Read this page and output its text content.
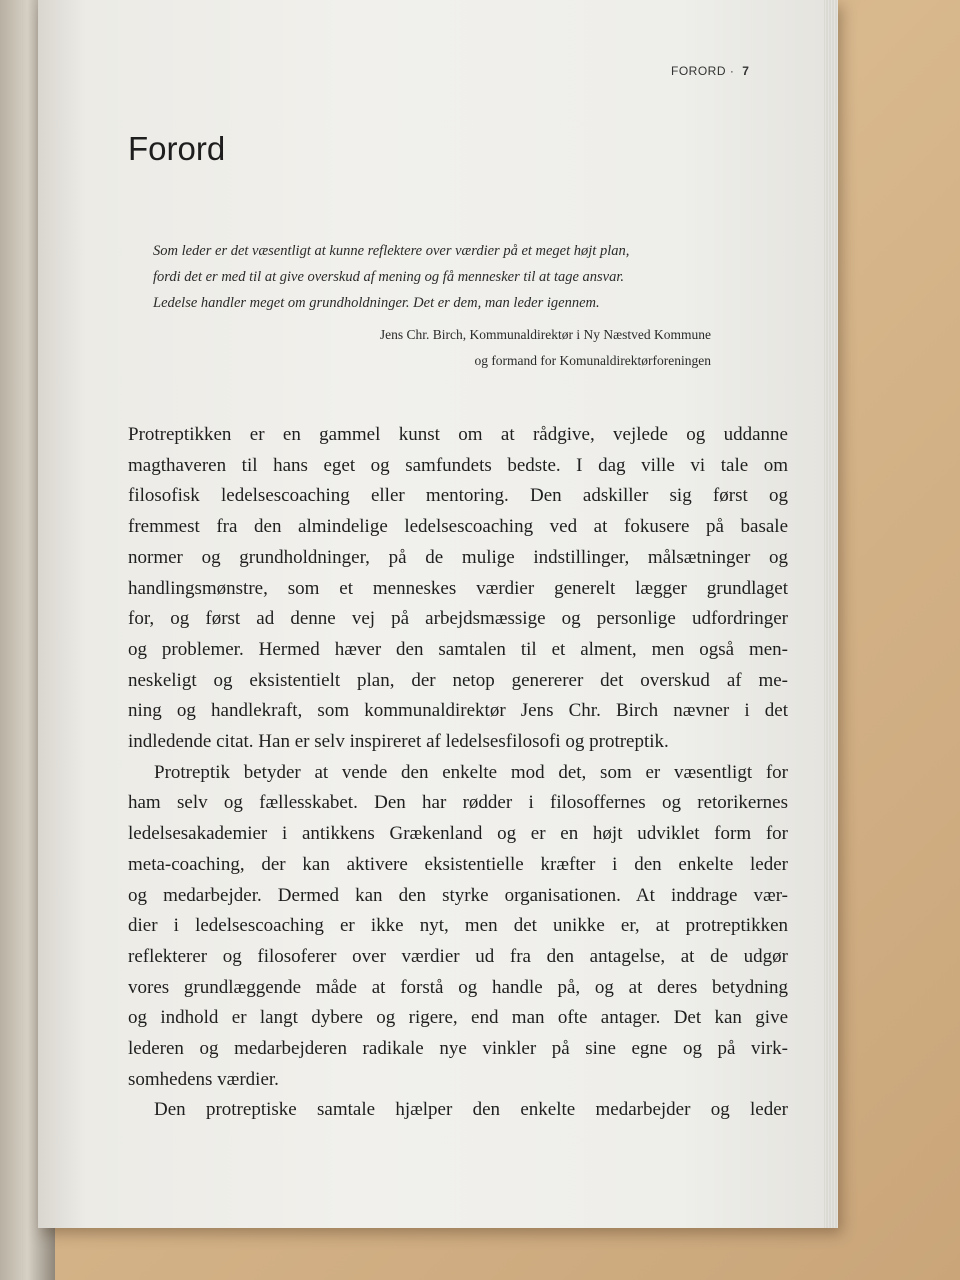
FORORD · 7
Forord
Som leder er det væsentligt at kunne reflektere over værdier på et meget højt plan,
fordi det er med til at give overskud af mening og få mennesker til at tage ansvar.
Ledelse handler meget om grundholdninger. Det er dem, man leder igennem.
Jens Chr. Birch, Kommunaldirektør i Ny Næstved Kommune
og formand for Komunaldirektørforeningen
Protreptikken er en gammel kunst om at rådgive, vejlede og uddanne
magthaveren til hans eget og samfundets bedste. I dag ville vi tale om
filosofisk ledelsescoaching eller mentoring. Den adskiller sig først og
fremmest fra den almindelige ledelsescoaching ved at fokusere på basale
normer og grundholdninger, på de mulige indstillinger, målsætninger og
handlingsmønstre, som et menneskes værdier generelt lægger grundlaget
for, og først ad denne vej på arbejdsmæssige og personlige udfordringer
og problemer. Hermed hæver den samtalen til et alment, men også men-
neskeligt og eksistentielt plan, der netop genererer det overskud af me-
ning og handlekraft, som kommunaldirektør Jens Chr. Birch nævner i det
indledende citat. Han er selv inspireret af ledelsesfilosofi og protreptik.
Protreptik betyder at vende den enkelte mod det, som er væsentligt for
ham selv og fællesskabet. Den har rødder i filosoffernes og retorikernes
ledelsesakademier i antikkens Grækenland og er en højt udviklet form for
meta-coaching, der kan aktivere eksistentielle kræfter i den enkelte leder
og medarbejder. Dermed kan den styrke organisationen. At inddrage vær-
dier i ledelsescoaching er ikke nyt, men det unikke er, at protreptikken
reflekterer og filosoferer over værdier ud fra den antagelse, at de udgør
vores grundlæggende måde at forstå og handle på, og at deres betydning
og indhold er langt dybere og rigere, end man ofte antager. Det kan give
lederen og medarbejderen radikale nye vinkler på sine egne og på virk-
somhedens værdier.
Den protreptiske samtale hjælper den enkelte medarbejder og leder
